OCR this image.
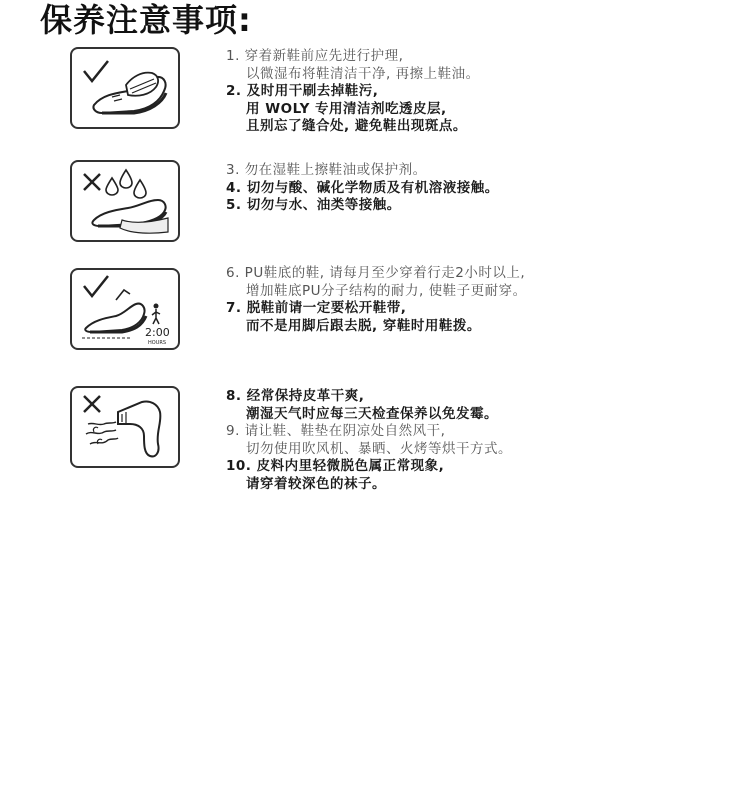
保养注意事项:
1. 穿着新鞋前应先进行护理,
以微湿布将鞋清洁干净, 再擦上鞋油。
2. 及时用干刷去掉鞋污,
用 WOLY 专用清洁剂吃透皮层,
且别忘了缝合处, 避免鞋出现斑点。
3. 勿在湿鞋上擦鞋油或保护剂。
4. 切勿与酸、碱化学物质及有机溶液接触。
5. 切勿与水、油类等接触。
2:00
HOURS
6. PU鞋底的鞋, 请每月至少穿着行走2小时以上,
增加鞋底PU分子结构的耐力, 使鞋子更耐穿。
7. 脱鞋前请一定要松开鞋带,
而不是用脚后跟去脱, 穿鞋时用鞋拨。
8. 经常保持皮革干爽,
潮湿天气时应每三天检查保养以免发霉。
9. 请让鞋、鞋垫在阴凉处自然风干,
切勿使用吹风机、暴晒、火烤等烘干方式。
10. 皮料内里轻微脱色属正常现象,
请穿着较深色的袜子。
